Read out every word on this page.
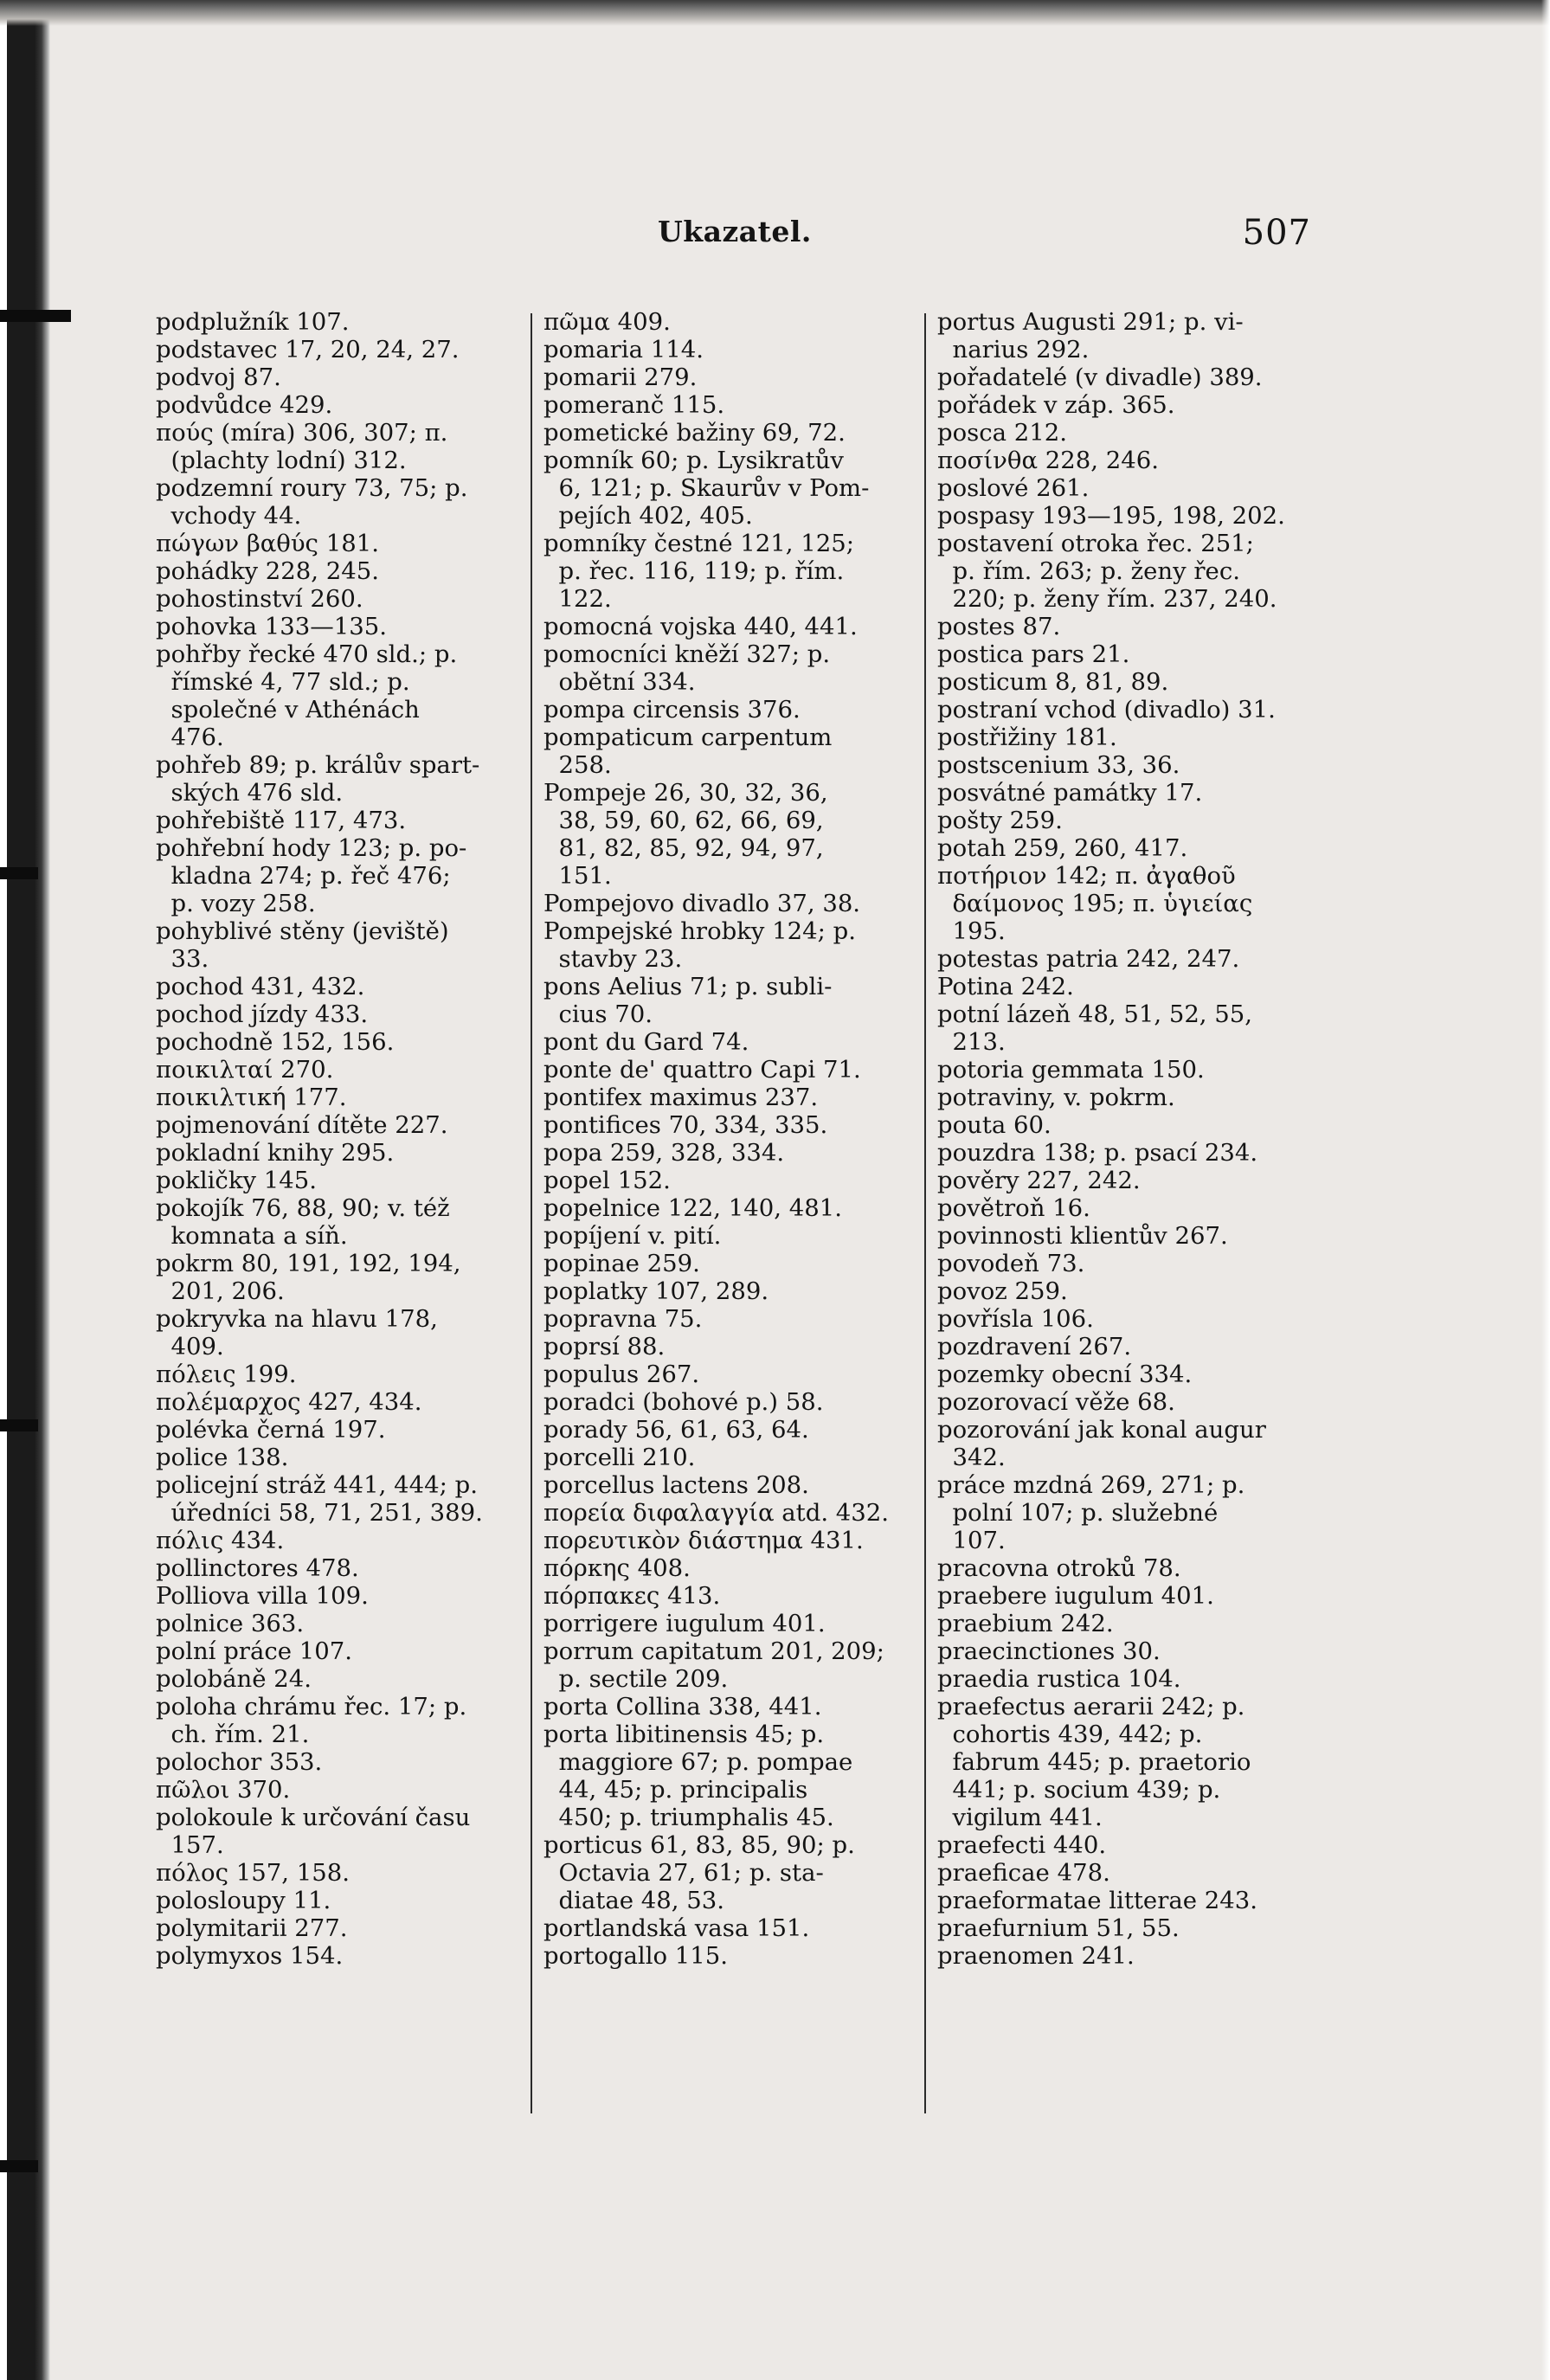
Ukazatel.	507
podplužník 107.
podstavec 17, 20, 24, 27.
podvoj 87.
podvůdce 429.
πούς (míra) 306, 307; π.
(plachty lodní) 312.
podzemní roury 73, 75; p.
vchody 44.
πώγων βαθύς 181.
pohádky 228, 245.
pohostinství 260.
pohovka 133—135.
pohřby řecké 470 sld.; p.
římské 4, 77 sld.; p.
společné v Athénách
476.
pohřeb 89; p. králův spart-
ských 476 sld.
pohřebiště 117, 473.
pohřební hody 123; p. po-
kladna 274; p. řeč 476;
p. vozy 258.
pohyblivé stěny (jeviště)
33.
pochod 431, 432.
pochod jízdy 433.
pochodně 152, 156.
ποικιλταί 270.
ποικιλτική 177.
pojmenování dítěte 227.
pokladní knihy 295.
pokličky 145.
pokojík 76, 88, 90; v. též
komnata a síň.
pokrm 80, 191, 192, 194,
201, 206.
pokryvka na hlavu 178,
409.
πόλεις 199.
πολέμαρχος 427, 434.
polévka černá 197.
police 138.
policejní stráž 441, 444; p.
úředníci 58, 71, 251, 389.
πόλις 434.
pollinctores 478.
Polliova villa 109.
polnice 363.
polní práce 107.
polobáně 24.
poloha chrámu řec. 17; p.
ch. řím. 21.
polochor 353.
πῶλοι 370.
polokoule k určování času
157.
πόλος 157, 158.
polosloupy 11.
polymitarii 277.
polymyxos 154.
πῶμα 409.
pomaria 114.
pomarii 279.
pomeranč 115.
pometické bažiny 69, 72.
pomník 60; p. Lysikratův
6, 121; p. Skaurův v Pom-
pejích 402, 405.
pomníky čestné 121, 125;
p. řec. 116, 119; p. řím.
122.
pomocná vojska 440, 441.
pomocníci kněží 327; p.
obětní 334.
pompa circensis 376.
pompaticum carpentum
258.
Pompeje 26, 30, 32, 36,
38, 59, 60, 62, 66, 69,
81, 82, 85, 92, 94, 97,
151.
Pompejovo divadlo 37, 38.
Pompejské hrobky 124; p.
stavby 23.
pons Aelius 71; p. subli-
cius 70.
pont du Gard 74.
ponte de' quattro Capi 71.
pontifex maximus 237.
pontifices 70, 334, 335.
popa 259, 328, 334.
popel 152.
popelnice 122, 140, 481.
popíjení v. pití.
popinae 259.
poplatky 107, 289.
popravna 75.
poprsí 88.
populus 267.
poradci (bohové p.) 58.
porady 56, 61, 63, 64.
porcelli 210.
porcellus lactens 208.
πορεία διφαλαγγία atd. 432.
πορευτικὸν διάστημα 431.
πόρκης 408.
πόρπακες 413.
porrigere iugulum 401.
porrum capitatum 201, 209;
p. sectile 209.
porta Collina 338, 441.
porta libitinensis 45; p.
maggiore 67; p. pompae
44, 45; p. principalis
450; p. triumphalis 45.
porticus 61, 83, 85, 90; p.
Octavia 27, 61; p. sta-
diatae 48, 53.
portlandská vasa 151.
portogallo 115.
portus Augusti 291; p. vi-
narius 292.
pořadatelé (v divadle) 389.
pořádek v záp. 365.
posca 212.
ποσίνθα 228, 246.
poslové 261.
pospasy 193—195, 198, 202.
postavení otroka řec. 251;
p. řím. 263; p. ženy řec.
220; p. ženy řím. 237, 240.
postes 87.
postica pars 21.
posticum 8, 81, 89.
postraní vchod (divadlo) 31.
postřižiny 181.
postscenium 33, 36.
posvátné památky 17.
pošty 259.
potah 259, 260, 417.
ποτήριον 142; π. ἀγαθοῦ
δαίμονος 195; π. ὑγιείας
195.
potestas patria 242, 247.
Potina 242.
potní lázeň 48, 51, 52, 55,
213.
potoria gemmata 150.
potraviny, v. pokrm.
pouta 60.
pouzdra 138; p. psací 234.
pověry 227, 242.
povětroň 16.
povinnosti klientův 267.
povodeň 73.
povoz 259.
povřísla 106.
pozdravení 267.
pozemky obecní 334.
pozorovací věže 68.
pozorování jak konal augur
342.
práce mzdná 269, 271; p.
polní 107; p. služebné
107.
pracovna otroků 78.
praebere iugulum 401.
praebium 242.
praecinctiones 30.
praedia rustica 104.
praefectus aerarii 242; p.
cohortis 439, 442; p.
fabrum 445; p. praetorio
441; p. socium 439; p.
vigilum 441.
praefecti 440.
praeficae 478.
praeformatae litterae 243.
praefurnium 51, 55.
praenomen 241.
